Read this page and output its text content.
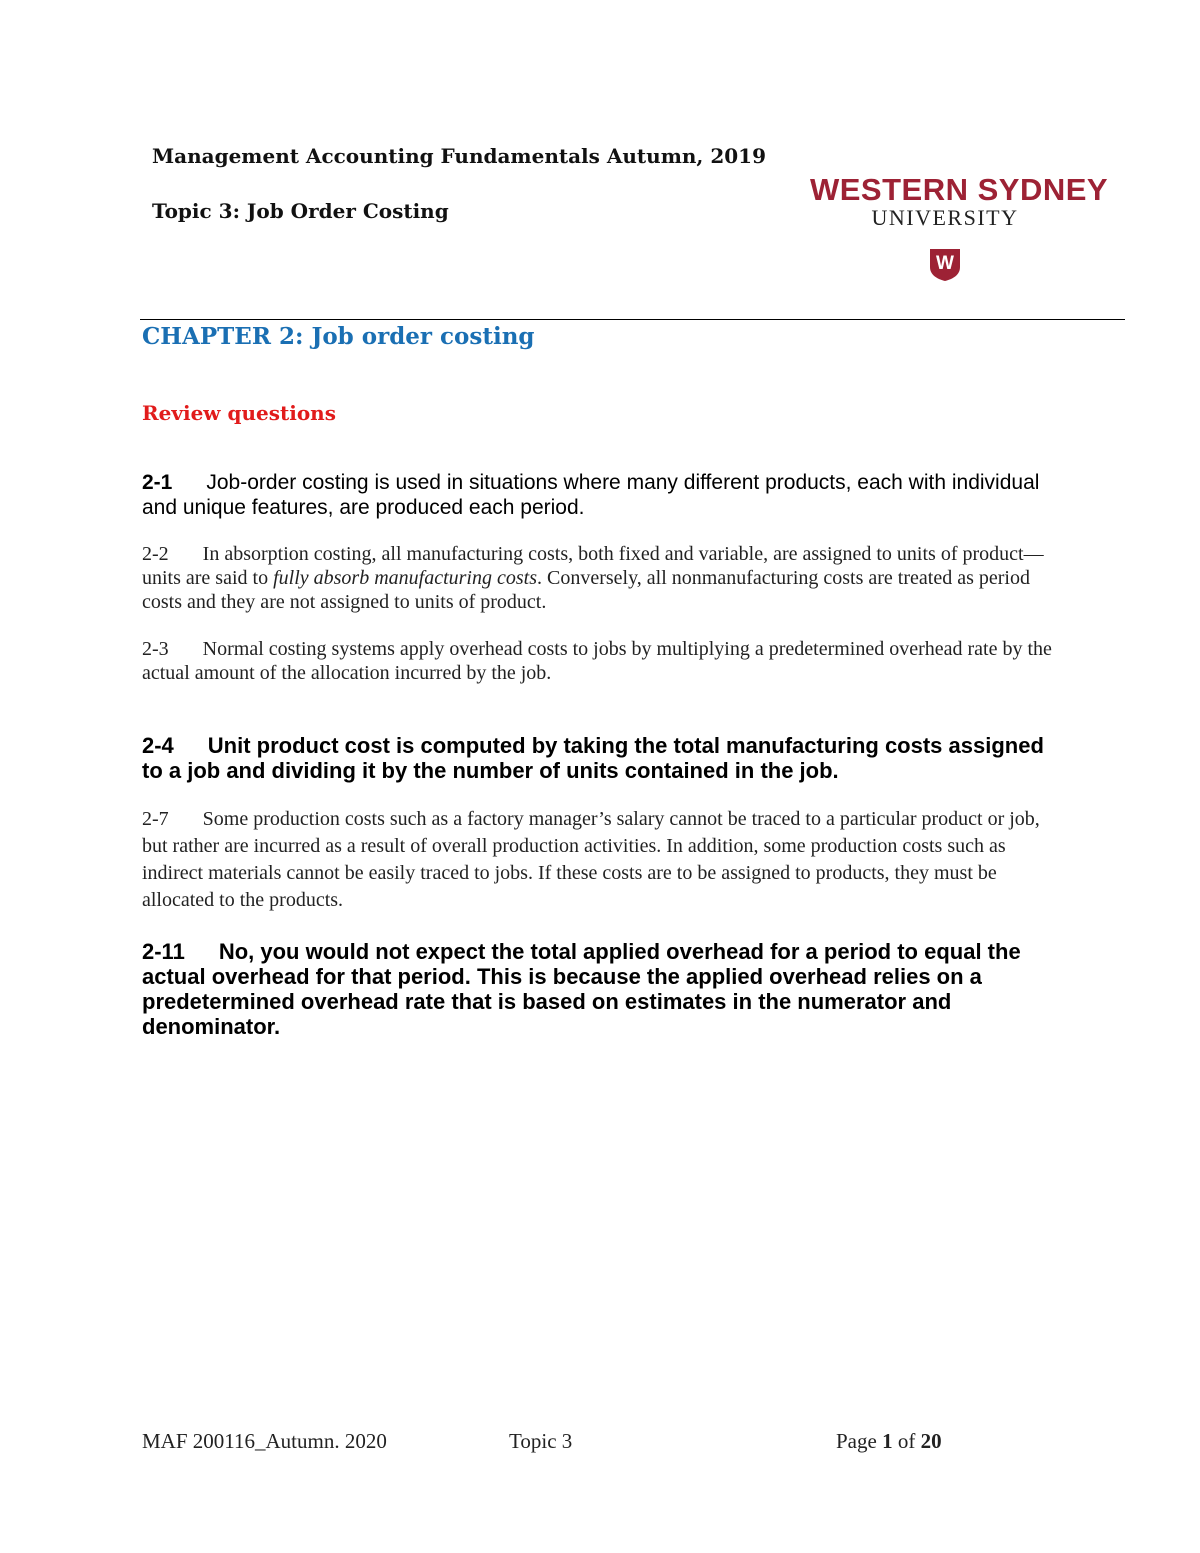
Management Accounting Fundamentals Autumn, 2019
Topic 3: Job Order Costing
WESTERN SYDNEY
UNIVERSITY
W
CHAPTER 2: Job order costing
Review questions
2-1 Job-order costing is used in situations where many different products, each with individual and unique features, are produced each period.
2-2 In absorption costing, all manufacturing costs, both fixed and variable, are assigned to units of product—units are said to fully absorb manufacturing costs. Conversely, all nonmanufacturing costs are treated as period costs and they are not assigned to units of product.
2-3 Normal costing systems apply overhead costs to jobs by multiplying a predetermined overhead rate by the actual amount of the allocation incurred by the job.
2-4 Unit product cost is computed by taking the total manufacturing costs assigned to a job and dividing it by the number of units contained in the job.
2-7 Some production costs such as a factory manager’s salary cannot be traced to a particular product or job, but rather are incurred as a result of overall production activities. In addition, some production costs such as indirect materials cannot be easily traced to jobs. If these costs are to be assigned to products, they must be allocated to the products.
2-11 No, you would not expect the total applied overhead for a period to equal the actual overhead for that period. This is because the applied overhead relies on a predetermined overhead rate that is based on estimates in the numerator and denominator.
MAF 200116_Autumn. 2020	Topic 3	Page 1 of 20
